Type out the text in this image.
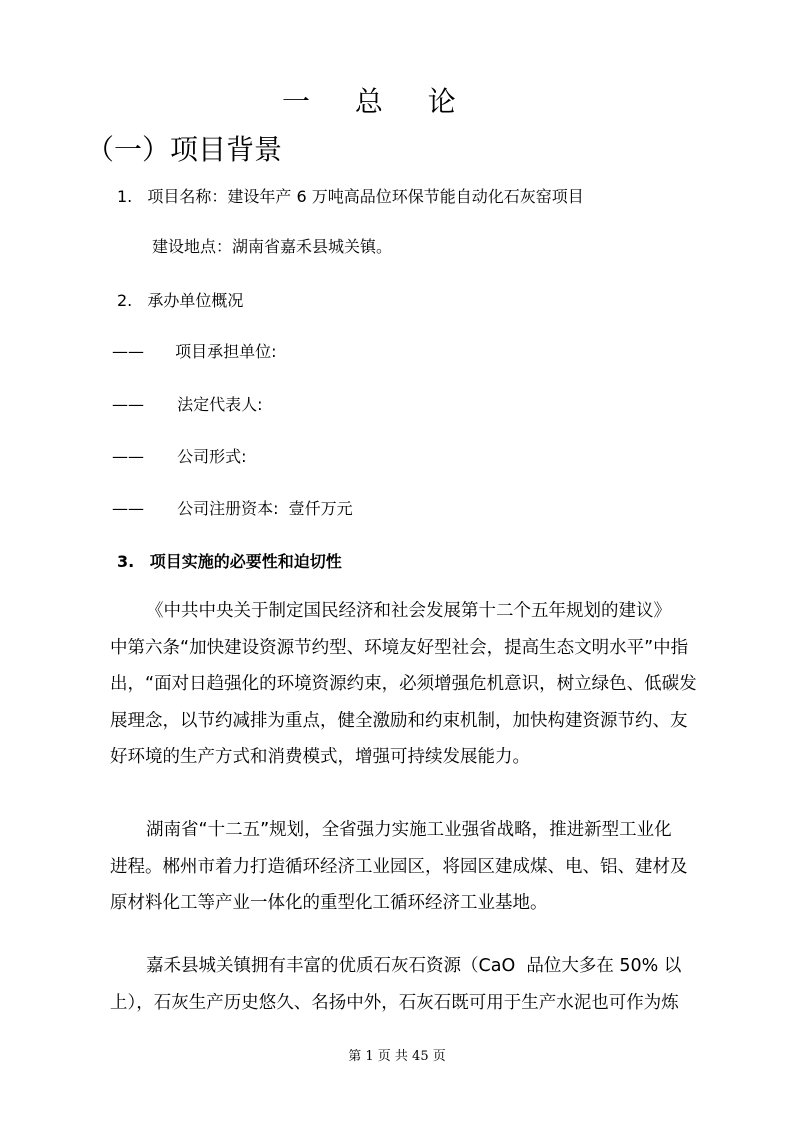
一 总 论
（一）项目背景
1. 项目名称：建设年产 6 万吨高品位环保节能自动化石灰窑项目
建设地点：湖南省嘉禾县城关镇。
2. 承办单位概况
—— 项目承担单位:
—— 法定代表人:
—— 公司形式:
—— 公司注册资本:  壹仟万元
3. 项目实施的必要性和迫切性

《中共中央关于制定国民经济和社会发展第十二个五年规划的建议》

中第六条“加快建设资源节约型、环境友好型社会，提高生态文明水平”中指

出，“面对日趋强化的环境资源约束，必须增强危机意识，树立绿色、低碳发

展理念，以节约减排为重点，健全激励和约束机制，加快构建资源节约、友

好环境的生产方式和消费模式，增强可持续发展能力。

湖南省“十二五”规划，全省强力实施工业强省战略，推进新型工业化

进程。郴州市着力打造循环经济工业园区，将园区建成煤、电、铝、建材及

原材料化工等产业一体化的重型化工循环经济工业基地。

嘉禾县城关镇拥有丰富的优质石灰石资源（CaO  品位大多在 50% 以

上），石灰生产历史悠久、名扬中外，石灰石既可用于生产水泥也可作为炼

第 1 页 共 45 页
